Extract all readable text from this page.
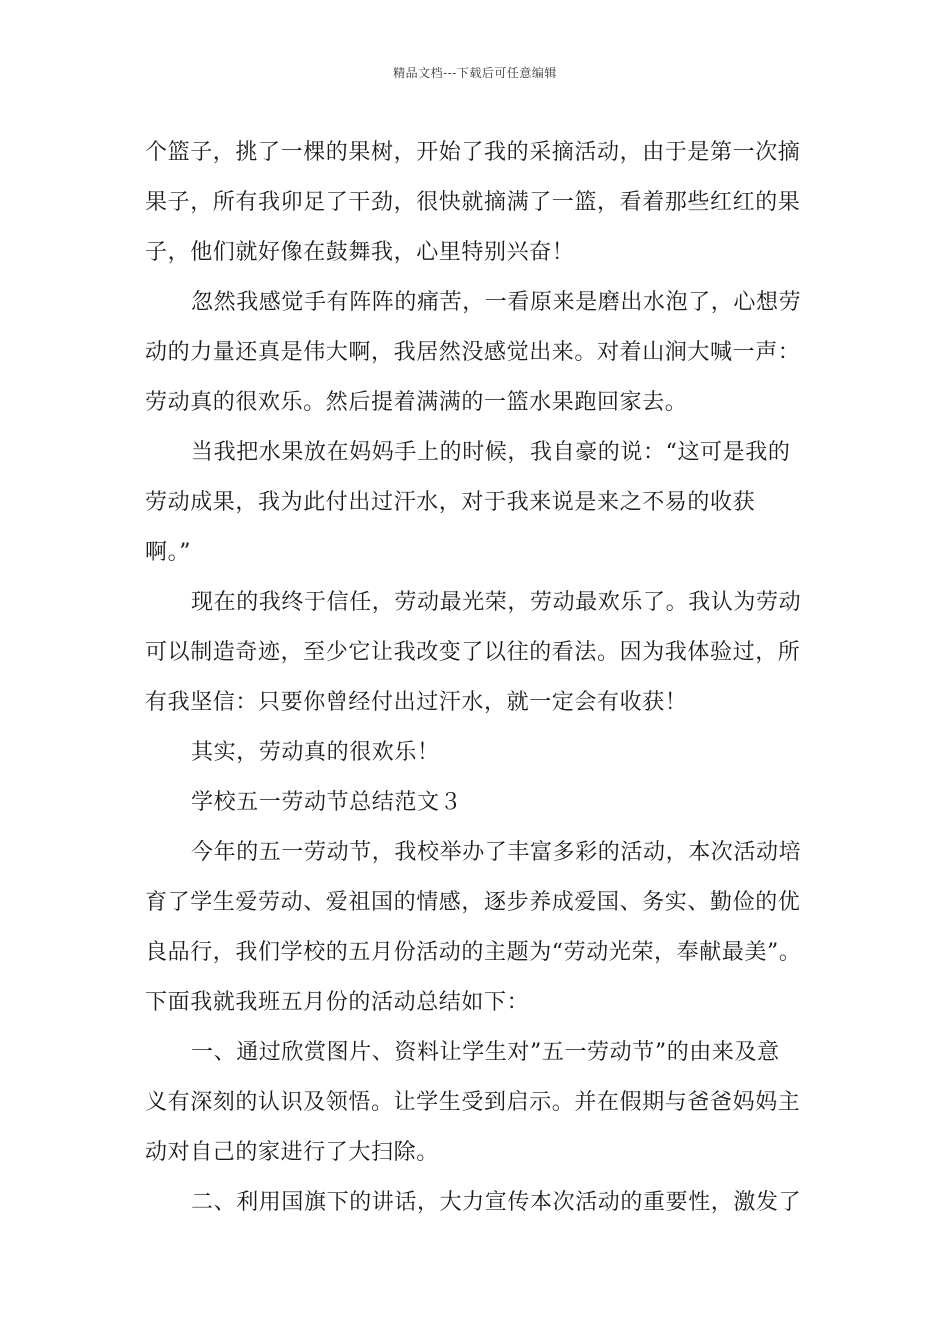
精品文档---下载后可任意编辑
个篮子，挑了一棵的果树，开始了我的采摘活动，由于是第一次摘
果子，所有我卯足了干劲，很快就摘满了一篮，看着那些红红的果
子，他们就好像在鼓舞我，心里特别兴奋！
忽然我感觉手有阵阵的痛苦，一看原来是磨出水泡了，心想劳
动的力量还真是伟大啊，我居然没感觉出来。对着山涧大喊一声：
劳动真的很欢乐。然后提着满满的一篮水果跑回家去。
当我把水果放在妈妈手上的时候，我自豪的说：“这可是我的
劳动成果，我为此付出过汗水，对于我来说是来之不易的收获
啊。”
现在的我终于信任，劳动最光荣，劳动最欢乐了。我认为劳动
可以制造奇迹，至少它让我改变了以往的看法。因为我体验过，所
有我坚信：只要你曾经付出过汗水，就一定会有收获！
其实，劳动真的很欢乐！
学校五一劳动节总结范文３
今年的五一劳动节，我校举办了丰富多彩的活动，本次活动培
育了学生爱劳动、爱祖国的情感，逐步养成爱国、务实、勤俭的优
良品行，我们学校的五月份活动的主题为“劳动光荣，奉献最美”。
下面我就我班五月份的活动总结如下：
一、通过欣赏图片、资料让学生对”五一劳动节”的由来及意
义有深刻的认识及领悟。让学生受到启示。并在假期与爸爸妈妈主
动对自己的家进行了大扫除。
二、利用国旗下的讲话，大力宣传本次活动的重要性，激发了
